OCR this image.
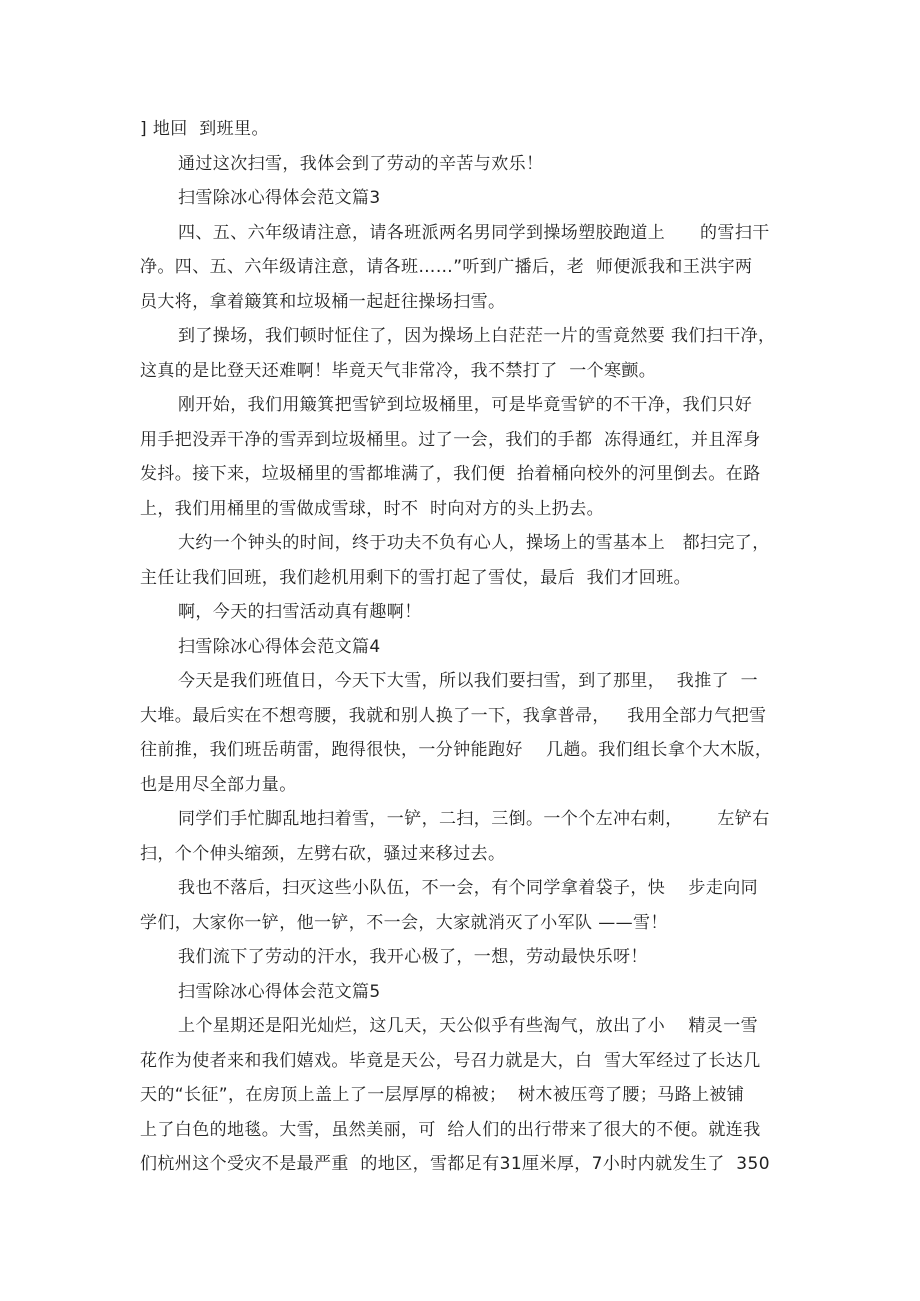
] 地回  到班里。
通过这次扫雪，我体会到了劳动的辛苦与欢乐！
扫雪除冰心得体会范文篇3
四、五、六年级请注意，请各班派两名男同学到操场塑胶跑道上      的雪扫干
净。四、五、六年级请注意，请各班……”听到广播后，老  师便派我和王洪宇两
员大将，拿着簸箕和垃圾桶一起赶往操场扫雪。
到了操场，我们顿时怔住了，因为操场上白茫茫一片的雪竟然要 我们扫干净，
这真的是比登天还难啊！毕竟天气非常冷，我不禁打了  一个寒颤。
刚开始，我们用簸箕把雪铲到垃圾桶里，可是毕竟雪铲的不干净，我们只好
用手把没弄干净的雪弄到垃圾桶里。过了一会，我们的手都  冻得通红，并且浑身
发抖。接下来，垃圾桶里的雪都堆满了，我们便  抬着桶向校外的河里倒去。在路
上，我们用桶里的雪做成雪球，时不  时向对方的头上扔去。
大约一个钟头的时间，终于功夫不负有心人，操场上的雪基本上   都扫完了，
主任让我们回班，我们趁机用剩下的雪打起了雪仗，最后  我们才回班。
啊，今天的扫雪活动真有趣啊！
扫雪除冰心得体会范文篇4
今天是我们班值日，今天下大雪，所以我们要扫雪，到了那里，  我推了  一
大堆。最后实在不想弯腰，我就和别人换了一下，我拿普帚，   我用全部力气把雪
往前推，我们班岳萌雷，跑得很快，一分钟能跑好    几趟。我们组长拿个大木版，
也是用尽全部力量。
同学们手忙脚乱地扫着雪，一铲，二扫，三倒。一个个左冲右刺，      左铲右
扫，个个伸头缩颈，左劈右砍，骚过来移过去。
我也不落后，扫灭这些小队伍，不一会，有个同学拿着袋子，快    步走向同
学们，大家你一铲，他一铲，不一会，大家就消灭了小军队 ——雪！
我们流下了劳动的汗水，我开心极了，一想，劳动最快乐呀！
扫雪除冰心得体会范文篇5
上个星期还是阳光灿烂，这几天，天公似乎有些淘气，放出了小    精灵一雪
花作为使者来和我们嬉戏。毕竟是天公，号召力就是大，白  雪大军经过了长达几
天的“长征”，在房顶上盖上了一层厚厚的棉被；  树木被压弯了腰；马路上被铺
上了白色的地毯。大雪，虽然美丽，可  给人们的出行带来了很大的不便。就连我
们杭州这个受灾不是最严重  的地区，雪都足有31厘米厚，7小时内就发生了  350
